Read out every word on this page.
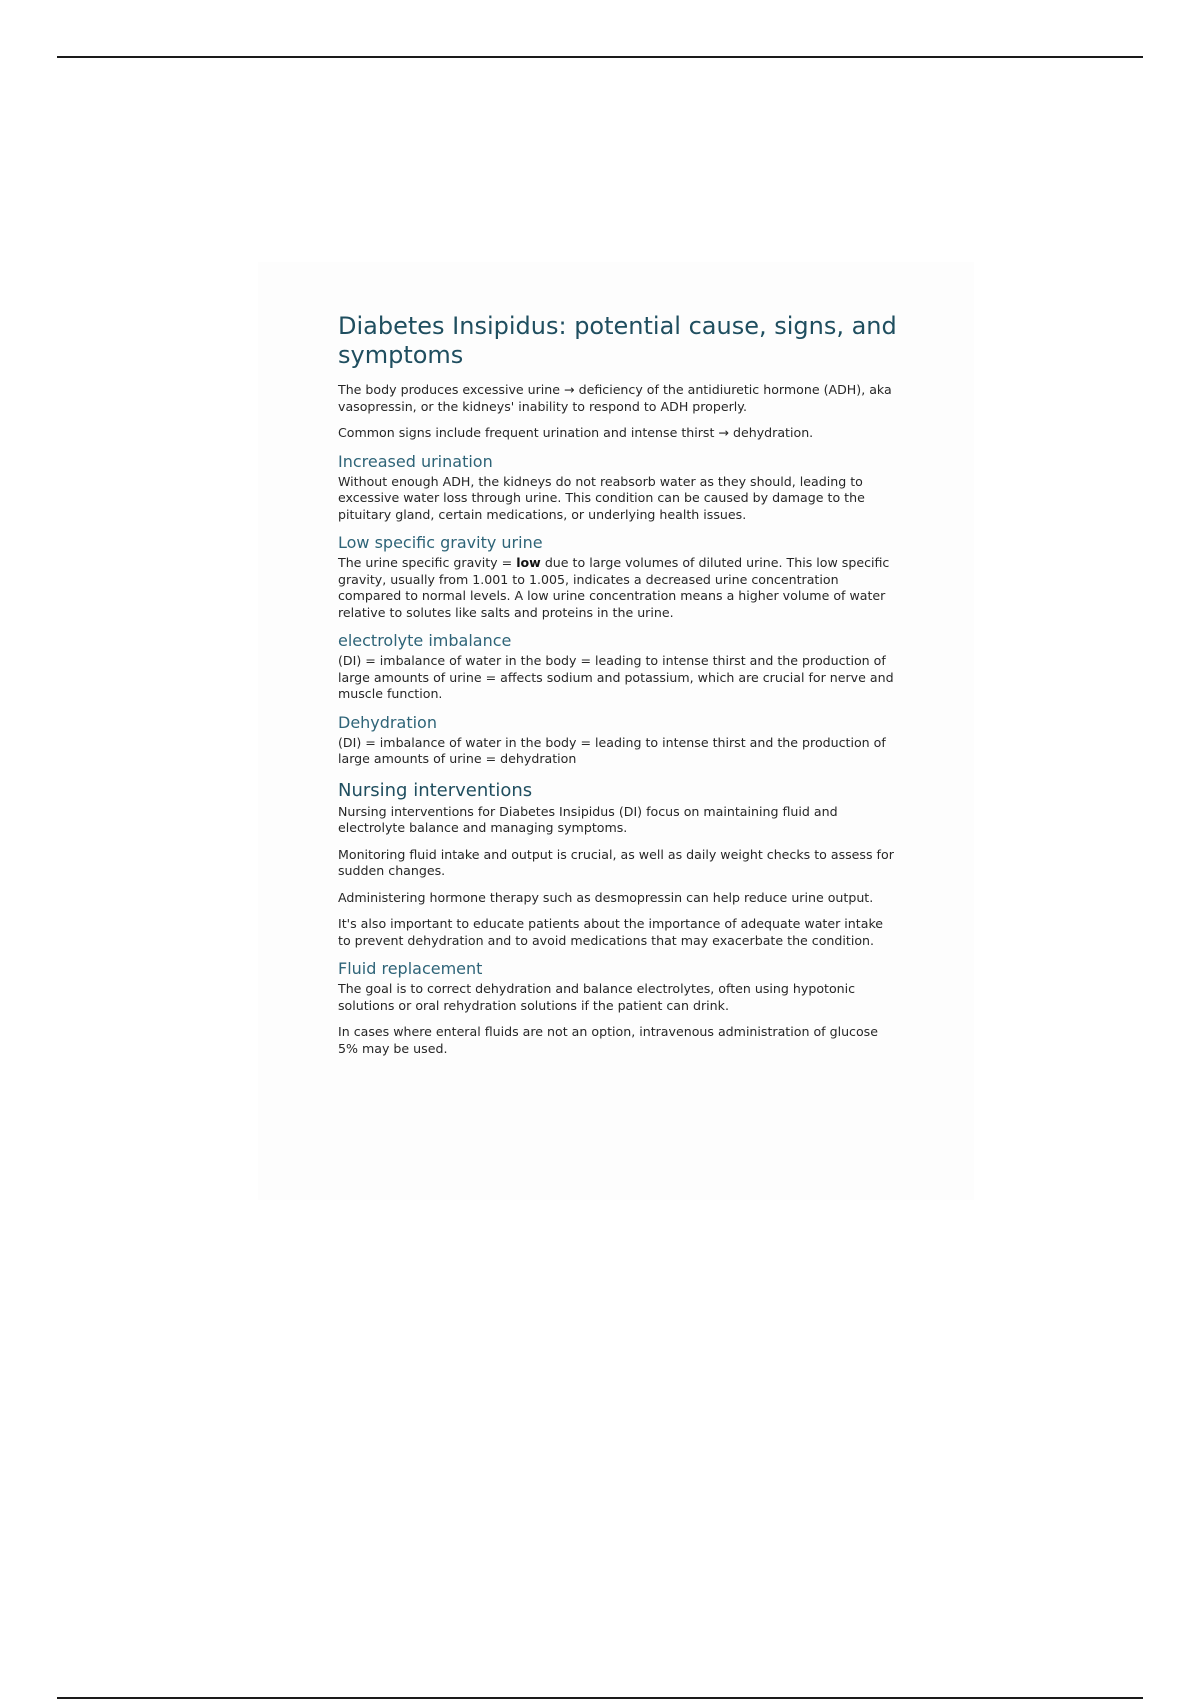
Diabetes Insipidus: potential cause, signs, and symptoms

The body produces excessive urine → deficiency of the antidiuretic hormone (ADH), aka vasopressin, or the kidneys' inability to respond to ADH properly.

Common signs include frequent urination and intense thirst → dehydration.

Increased urination

Without enough ADH, the kidneys do not reabsorb water as they should, leading to excessive water loss through urine. This condition can be caused by damage to the pituitary gland, certain medications, or underlying health issues.

Low specific gravity urine

The urine specific gravity = low due to large volumes of diluted urine. This low specific gravity, usually from 1.001 to 1.005, indicates a decreased urine concentration compared to normal levels. A low urine concentration means a higher volume of water relative to solutes like salts and proteins in the urine.

electrolyte imbalance

(DI) = imbalance of water in the body = leading to intense thirst and the production of large amounts of urine = affects sodium and potassium, which are crucial for nerve and muscle function.

Dehydration

(DI) = imbalance of water in the body = leading to intense thirst and the production of large amounts of urine = dehydration

Nursing interventions

Nursing interventions for Diabetes Insipidus (DI) focus on maintaining fluid and electrolyte balance and managing symptoms.

Monitoring fluid intake and output is crucial, as well as daily weight checks to assess for sudden changes.

Administering hormone therapy such as desmopressin can help reduce urine output.

It's also important to educate patients about the importance of adequate water intake to prevent dehydration and to avoid medications that may exacerbate the condition.

Fluid replacement

The goal is to correct dehydration and balance electrolytes, often using hypotonic solutions or oral rehydration solutions if the patient can drink.

In cases where enteral fluids are not an option, intravenous administration of glucose 5% may be used.
